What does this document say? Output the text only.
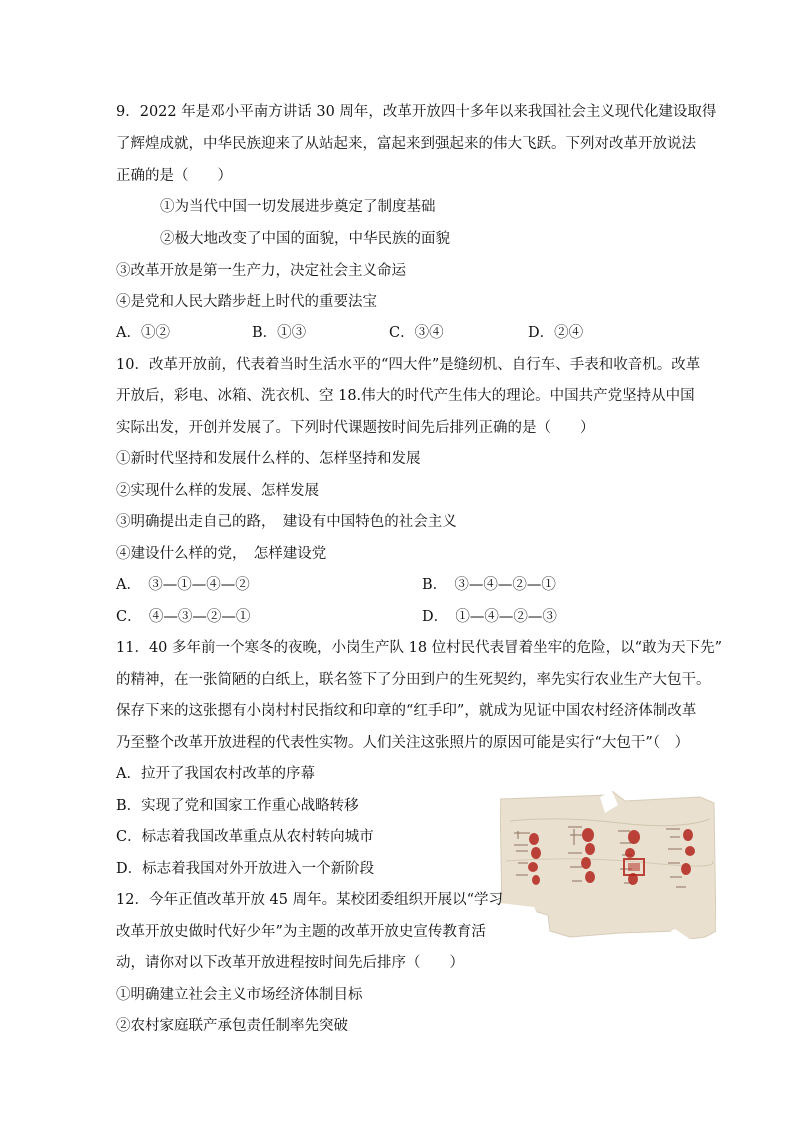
9．2022 年是邓小平南方讲话 30 周年，改革开放四十多年以来我国社会主义现代化建设取得
了辉煌成就，中华民族迎来了从站起来，富起来到强起来的伟大飞跃。下列对改革开放说法
正确的是（　　）
①为当代中国一切发展进步奠定了制度基础
②极大地改变了中国的面貌，中华民族的面貌
③改革开放是第一生产力，决定社会主义命运
④是党和人民大踏步赶上时代的重要法宝
A．①②	B．①③	C．③④	D．②④
10．改革开放前，代表着当时生活水平的“四大件”是缝纫机、自行车、手表和收音机。改革
开放后，彩电、冰箱、洗衣机、空 18.伟大的时代产生伟大的理论。中国共产党坚持从中国
实际出发，开创并发展了。下列时代课题按时间先后排列正确的是（　　）
①新时代坚持和发展什么样的、怎样坚持和发展
②实现什么样的发展、怎样发展
③明确提出走自己的路，　建设有中国特色的社会主义
④建设什么样的党，　怎样建设党
A．　③—①—④—②	B．　③—④—②—①
C．　④—③—②—①	D．　①—④—②—③
11．40 多年前一个寒冬的夜晚，小岗生产队 18 位村民代表冒着坐牢的危险，以“敢为天下先”
的精神，在一张简陋的白纸上，联名签下了分田到户的生死契约，率先实行农业生产大包干。
保存下来的这张摁有小岗村村民指纹和印章的“红手印”，就成为见证中国农村经济体制改革
乃至整个改革开放进程的代表性实物。人们关注这张照片的原因可能是实行“大包干”（　）
A．拉开了我国农村改革的序幕
B．实现了党和国家工作重心战略转移
C．标志着我国改革重点从农村转向城市
D．标志着我国对外开放进入一个新阶段
12．今年正值改革开放 45 周年。某校团委组织开展以“学习
改革开放史做时代好少年”为主题的改革开放史宣传教育活
动，请你对以下改革开放进程按时间先后排序（　　）
①明确建立社会主义市场经济体制目标
②农村家庭联产承包责任制率先突破
